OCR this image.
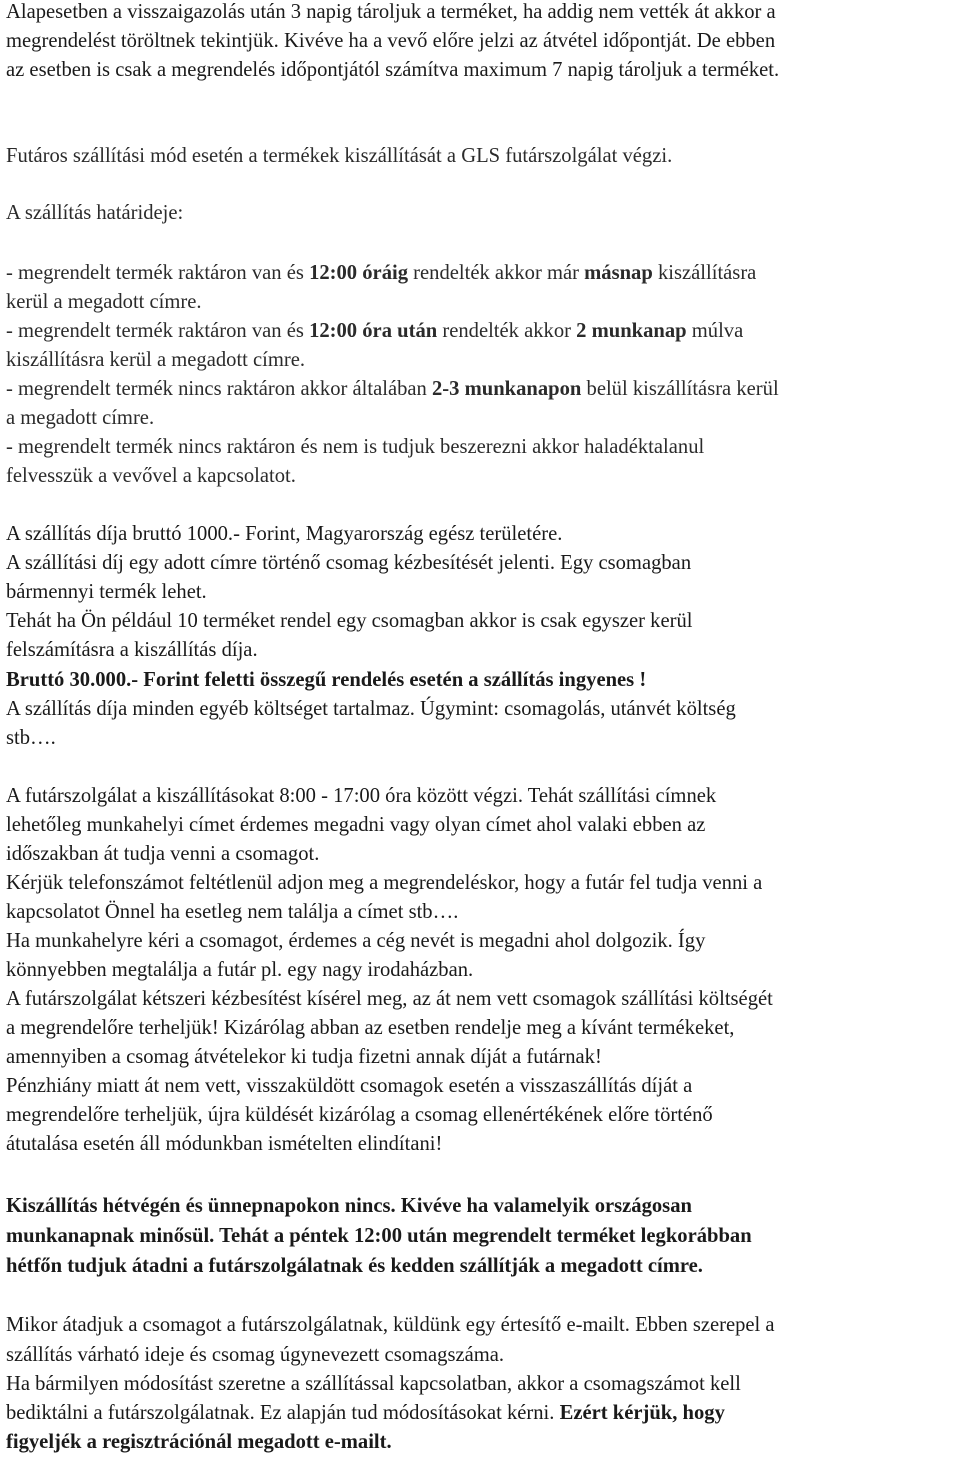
Alapesetben a visszaigazolás után 3 napig tároljuk a terméket, ha addig nem vették át akkor a
megrendelést töröltnek tekintjük. Kivéve ha a vevő előre jelzi az átvétel időpontját. De ebben
az esetben is csak a megrendelés időpontjától számítva maximum 7 napig tároljuk a terméket.
Futáros szállítási mód esetén a termékek kiszállítását a GLS futárszolgálat végzi.
A szállítás határideje:
- megrendelt termék raktáron van és 12:00 óráig rendelték akkor már másnap kiszállításra
kerül a megadott címre.
- megrendelt termék raktáron van és 12:00 óra után rendelték akkor 2 munkanap múlva
kiszállításra kerül a megadott címre.
- megrendelt termék nincs raktáron akkor általában 2-3 munkanapon belül kiszállításra kerül
a megadott címre.
- megrendelt termék nincs raktáron és nem is tudjuk beszerezni akkor haladéktalanul
felvesszük a vevővel a kapcsolatot.
A szállítás díja bruttó 1000.- Forint, Magyarország egész területére.
A szállítási díj egy adott címre történő csomag kézbesítését jelenti. Egy csomagban
bármennyi termék lehet.
Tehát ha Ön például 10 terméket rendel egy csomagban akkor is csak egyszer kerül
felszámításra a kiszállítás díja.
Bruttó 30.000.- Forint feletti összegű rendelés esetén a szállítás ingyenes !
A szállítás díja minden egyéb költséget tartalmaz. Úgymint: csomagolás, utánvét költség
stb….
A futárszolgálat a kiszállításokat 8:00 - 17:00 óra között végzi. Tehát szállítási címnek
lehetőleg munkahelyi címet érdemes megadni vagy olyan címet ahol valaki ebben az
időszakban át tudja venni a csomagot.
Kérjük telefonszámot feltétlenül adjon meg a megrendeléskor, hogy a futár fel tudja venni a
kapcsolatot Önnel ha esetleg nem találja a címet stb….
Ha munkahelyre kéri a csomagot, érdemes a cég nevét is megadni ahol dolgozik. Így
könnyebben megtalálja a futár pl. egy nagy irodaházban.
A futárszolgálat kétszeri kézbesítést kísérel meg, az át nem vett csomagok szállítási költségét
a megrendelőre terheljük! Kizárólag abban az esetben rendelje meg a kívánt termékeket,
amennyiben a csomag átvételekor ki tudja fizetni annak díját a futárnak!
Pénzhiány miatt át nem vett, visszaküldött csomagok esetén a visszaszállítás díját a
megrendelőre terheljük, újra küldését kizárólag a csomag ellenértékének előre történő
átutalása esetén áll módunkban ismételten elindítani!
Kiszállítás hétvégén és ünnepnapokon nincs. Kivéve ha valamelyik országosan
munkanapnak minősül. Tehát a péntek 12:00 után megrendelt terméket legkorábban
hétfőn tudjuk átadni a futárszolgálatnak és kedden szállítják a megadott címre.
Mikor átadjuk a csomagot a futárszolgálatnak, küldünk egy értesítő e-mailt. Ebben szerepel a
szállítás várható ideje és csomag úgynevezett csomagszáma.
Ha bármilyen módosítást szeretne a szállítással kapcsolatban, akkor a csomagszámot kell
bediktálni a futárszolgálatnak. Ez alapján tud módosításokat kérni. Ezért kérjük, hogy
figyeljék a regisztrációnál megadott e-mailt.
